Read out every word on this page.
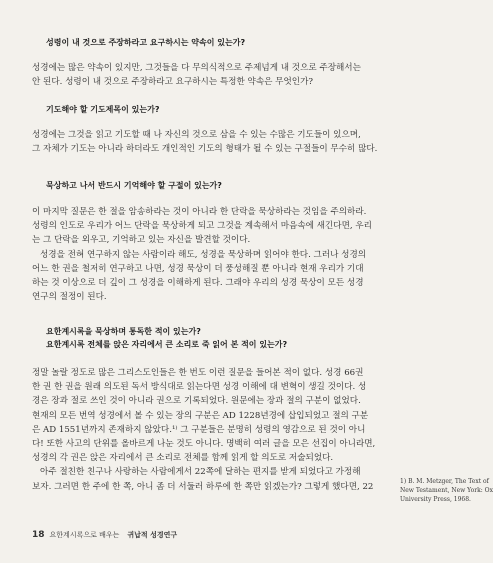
성령이 내 것으로 주장하라고 요구하시는 약속이 있는가?
성경에는 많은 약속이 있지만, 그것들을 다 무의식적으로 주제넘게 내 것으로 주장해서는
안 된다. 성령이 내 것으로 주장하라고 요구하시는 특정한 약속은 무엇인가?
기도해야 할 기도제목이 있는가?
성경에는 그것을 읽고 기도할 때 나 자신의 것으로 삼을 수 있는 수많은 기도들이 있으며,
그 자체가 기도는 아니라 하더라도 개인적인 기도의 형태가 될 수 있는 구절들이 무수히 많다.
묵상하고 나서 반드시 기억해야 할 구절이 있는가?
이 마지막 질문은 한 절을 암송하라는 것이 아니라 한 단락을 묵상하라는 것임을 주의하라.
성령의 인도로 우리가 어느 단락을 묵상하게 되고 그것을 계속해서 마음속에 새긴다면, 우리
는 그 단락을 외우고, 기억하고 있는 자신을 발견할 것이다.
성경을 전혀 연구하지 않는 사람이라 해도, 성경을 묵상하며 읽어야 한다. 그러나 성경의
어느 한 권을 철저히 연구하고 나면, 성경 묵상이 더 풍성해질 뿐 아니라 현재 우리가 기대
하는 것 이상으로 더 깊이 그 성경을 이해하게 된다. 그래야 우리의 성경 묵상이 모든 성경
연구의 절정이 된다.
요한계시록을 묵상하며 통독한 적이 있는가?
요한계시록 전체를 앉은 자리에서 큰 소리로 죽 읽어 본 적이 있는가?
정말 놀랄 정도로 많은 그리스도인들은 한 번도 이런 질문을 들어본 적이 없다. 성경 66권
한 권 한 권을 원래 의도된 독서 방식대로 읽는다면 성경 이해에 대 변혁이 생길 것이다. 성
경은 장과 절로 쓰인 것이 아니라 권으로 기록되었다. 원문에는 장과 절의 구분이 없었다.
현재의 모든 번역 성경에서 볼 수 있는 장의 구분은 AD 1228년경에 삽입되었고 절의 구분
은 AD 1551년까지 존재하지 않았다.¹⁾ 그 구분들은 분명히 성령의 영감으로 된 것이 아니
다! 또한 사고의 단위를 올바르게 나눈 것도 아니다. 명백히 여러 글을 모은 선집이 아니라면,
성경의 각 권은 앉은 자리에서 큰 소리로 전체를 함께 읽게 할 의도로 저술되었다.
아주 절친한 친구나 사랑하는 사람에게서 22쪽에 달하는 편지를 받게 되었다고 가정해
보자. 그러면 한 주에 한 쪽, 아니 좀 더 서둘러 하루에 한 쪽만 읽겠는가? 그렇게 했다면, 22
1) B. M. Metzger, The Text of
New Testament, New York: Ox
University Press, 1968.
18 요한계시록으로 배우는 귀납적 성경연구
